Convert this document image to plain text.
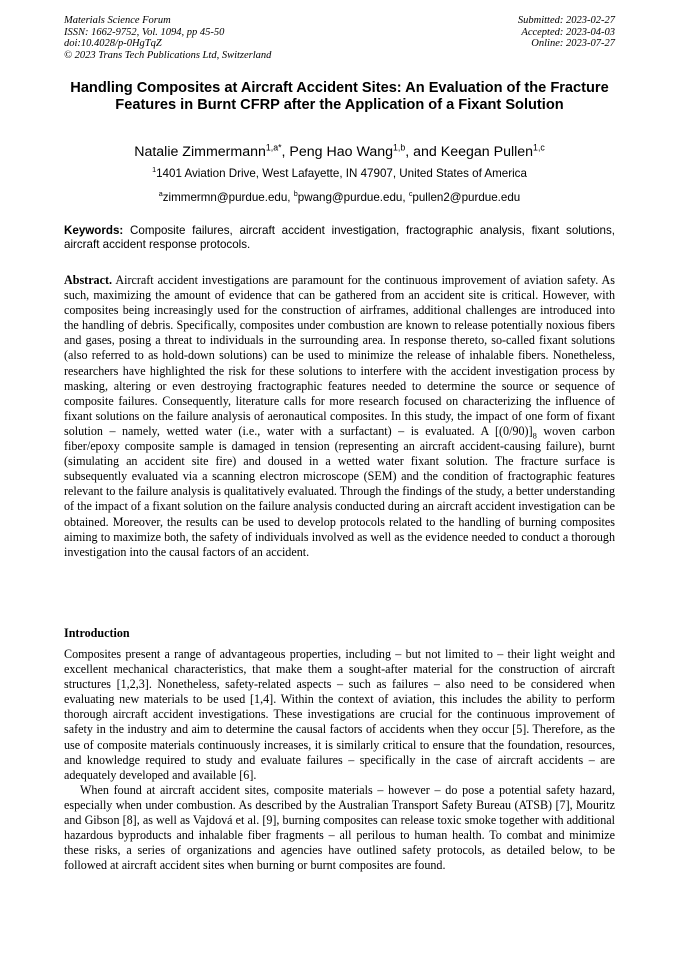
Materials Science Forum
ISSN: 1662-9752, Vol. 1094, pp 45-50
doi:10.4028/p-0HgTqZ
© 2023 Trans Tech Publications Ltd, Switzerland
Submitted: 2023-02-27
Accepted: 2023-04-03
Online: 2023-07-27
Handling Composites at Aircraft Accident Sites: An Evaluation of the Fracture Features in Burnt CFRP after the Application of a Fixant Solution
Natalie Zimmermann$^{1,a*}$, Peng Hao Wang$^{1,b}$, and Keegan Pullen$^{1,c}$
$^1$1401 Aviation Drive, West Lafayette, IN 47907, United States of America
$^a$zimmermn@purdue.edu, $^b$pwang@purdue.edu, $^c$pullen2@purdue.edu
Keywords: Composite failures, aircraft accident investigation, fractographic analysis, fixant solutions, aircraft accident response protocols.
Abstract. Aircraft accident investigations are paramount for the continuous improvement of aviation safety. As such, maximizing the amount of evidence that can be gathered from an accident site is critical. However, with composites being increasingly used for the construction of airframes, additional challenges are introduced into the handling of debris. Specifically, composites under combustion are known to release potentially noxious fibers and gases, posing a threat to individuals in the surrounding area. In response thereto, so-called fixant solutions (also referred to as hold-down solutions) can be used to minimize the release of inhalable fibers. Nonetheless, researchers have highlighted the risk for these solutions to interfere with the accident investigation process by masking, altering or even destroying fractographic features needed to determine the source or sequence of composite failures. Consequently, literature calls for more research focused on characterizing the influence of fixant solutions on the failure analysis of aeronautical composites. In this study, the impact of one form of fixant solution – namely, wetted water (i.e., water with a surfactant) – is evaluated. A $[(0/90)]_8$ woven carbon fiber/epoxy composite sample is damaged in tension (representing an aircraft accident-causing failure), burnt (simulating an accident site fire) and doused in a wetted water fixant solution. The fracture surface is subsequently evaluated via a scanning electron microscope (SEM) and the condition of fractographic features relevant to the failure analysis is qualitatively evaluated. Through the findings of the study, a better understanding of the impact of a fixant solution on the failure analysis conducted during an aircraft accident investigation can be obtained. Moreover, the results can be used to develop protocols related to the handling of burning composites aiming to maximize both, the safety of individuals involved as well as the evidence needed to conduct a thorough investigation into the causal factors of an accident.
Introduction

Composites present a range of advantageous properties, including – but not limited to – their light weight and excellent mechanical characteristics, that make them a sought-after material for the construction of aircraft structures [1,2,3]. Nonetheless, safety-related aspects – such as failures – also need to be considered when evaluating new materials to be used [1,4]. Within the context of aviation, this includes the ability to perform thorough aircraft accident investigations. These investigations are crucial for the continuous improvement of safety in the industry and aim to determine the causal factors of accidents when they occur [5]. Therefore, as the use of composite materials continuously increases, it is similarly critical to ensure that the foundation, resources, and knowledge required to study and evaluate failures – specifically in the case of aircraft accidents – are adequately developed and available [6].

When found at aircraft accident sites, composite materials – however – do pose a potential safety hazard, especially when under combustion. As described by the Australian Transport Safety Bureau (ATSB) [7], Mouritz and Gibson [8], as well as Vajdová et al. [9], burning composites can release toxic smoke together with additional hazardous byproducts and inhalable fiber fragments – all perilous to human health. To combat and minimize these risks, a series of organizations and agencies have outlined safety protocols, as detailed below, to be followed at aircraft accident sites when burning or burnt composites are found.
